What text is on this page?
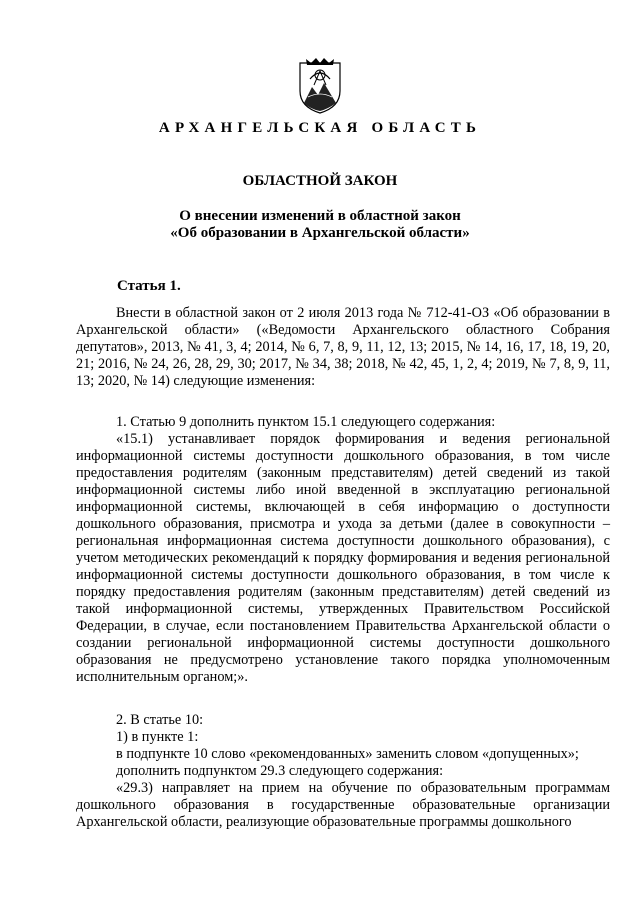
АРХАНГЕЛЬСКАЯ ОБЛАСТЬ
ОБЛАСТНОЙ ЗАКОН
О внесении изменений в областной закон
«Об образовании в Архангельской области»
Статья 1.

Внести в областной закон от 2 июля 2013 года № 712-41-ОЗ «Об образовании в Архангельской области» («Ведомости Архангельского областного Собрания депутатов», 2013, № 41, 3, 4; 2014, № 6, 7, 8, 9, 11, 12, 13; 2015, № 14, 16, 17, 18, 19, 20, 21; 2016, № 24, 26, 28, 29, 30; 2017, № 34, 38; 2018, № 42, 45, 1, 2, 4; 2019, № 7, 8, 9, 11, 13; 2020, № 14) следующие изменения:

1. Статью 9 дополнить пунктом 15.1 следующего содержания:

«15.1) устанавливает порядок формирования и ведения региональной информационной системы доступности дошкольного образования, в том числе предоставления родителям (законным представителям) детей сведений из такой информационной системы либо иной введенной в эксплуатацию региональной информационной системы, включающей в себя информацию о доступности дошкольного образования, присмотра и ухода за детьми (далее в совокупности – региональная информационная система доступности дошкольного образования), с учетом методических рекомендаций к порядку формирования и ведения региональной информационной системы доступности дошкольного образования, в том числе к порядку предоставления родителям (законным представителям) детей сведений из такой информационной системы, утвержденных Правительством Российской Федерации, в случае, если постановлением Правительства Архангельской области о создании региональной информационной системы доступности дошкольного образования не предусмотрено установление такого порядка уполномоченным исполнительным органом;».

2. В статье 10:

1) в пункте 1:

в подпункте 10 слово «рекомендованных» заменить словом «допущенных»;

дополнить подпунктом 29.3 следующего содержания:

«29.3) направляет на прием на обучение по образовательным программам дошкольного образования в государственные образовательные организации Архангельской области, реализующие образовательные программы дошкольного
